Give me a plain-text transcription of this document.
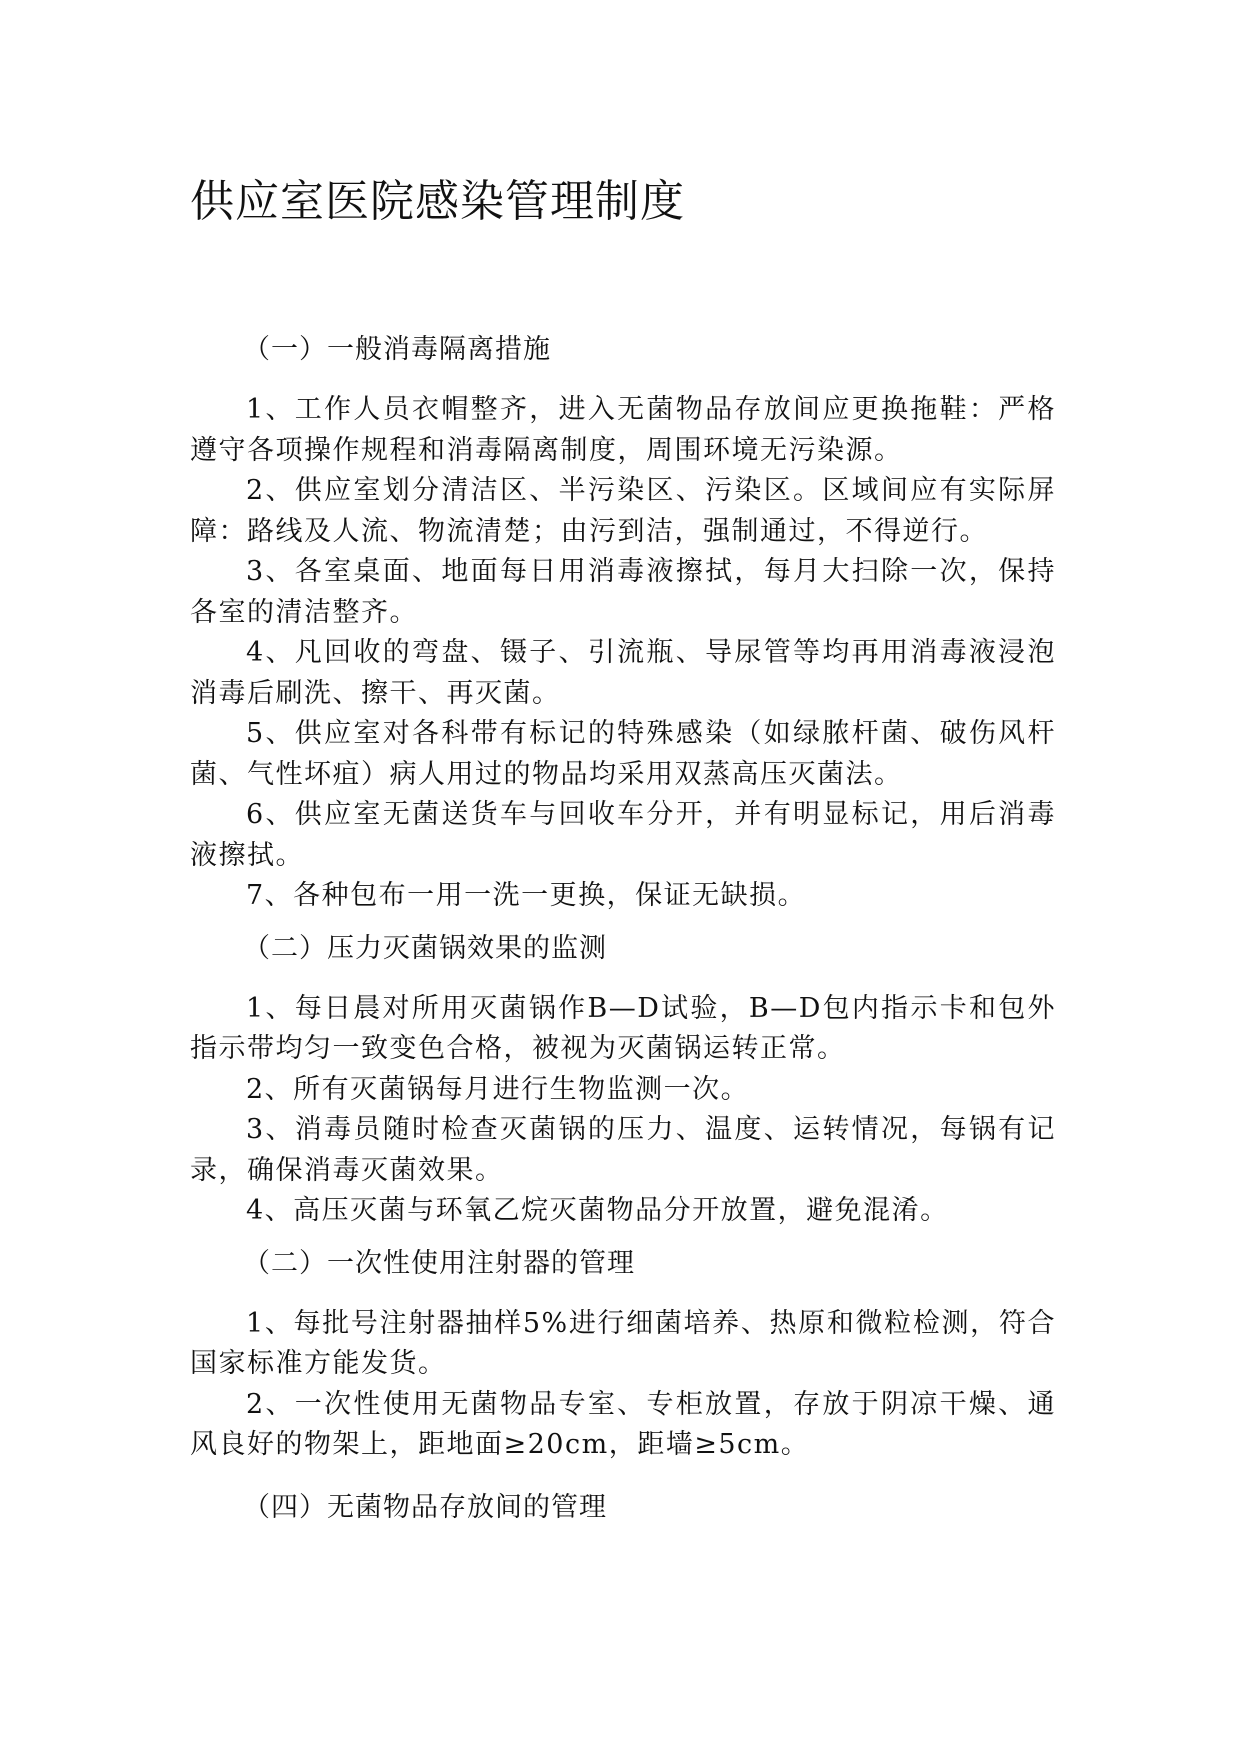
供应室医院感染管理制度
（一）一般消毒隔离措施

1、工作人员衣帽整齐，进入无菌物品存放间应更换拖鞋：严格遵守各项操作规程和消毒隔离制度，周围环境无污染源。

2、供应室划分清洁区、半污染区、污染区。区域间应有实际屏障：路线及人流、物流清楚；由污到洁，强制通过，不得逆行。

3、各室桌面、地面每日用消毒液擦拭，每月大扫除一次，保持各室的清洁整齐。

4、凡回收的弯盘、镊子、引流瓶、导尿管等均再用消毒液浸泡消毒后刷洗、擦干、再灭菌。

5、供应室对各科带有标记的特殊感染（如绿脓杆菌、破伤风杆菌、气性坏疽）病人用过的物品均采用双蒸高压灭菌法。

6、供应室无菌送货车与回收车分开，并有明显标记，用后消毒液擦拭。

7、各种包布一用一洗一更换，保证无缺损。

（二）压力灭菌锅效果的监测

1、每日晨对所用灭菌锅作B—D试验，B—D包内指示卡和包外指示带均匀一致变色合格，被视为灭菌锅运转正常。

2、所有灭菌锅每月进行生物监测一次。

3、消毒员随时检查灭菌锅的压力、温度、运转情况，每锅有记录，确保消毒灭菌效果。

4、高压灭菌与环氧乙烷灭菌物品分开放置，避免混淆。

（二）一次性使用注射器的管理

1、每批号注射器抽样5%进行细菌培养、热原和微粒检测，符合国家标准方能发货。

2、一次性使用无菌物品专室、专柜放置，存放于阴凉干燥、通风良好的物架上，距地面≥20cm，距墙≥5cm。

（四）无菌物品存放间的管理
